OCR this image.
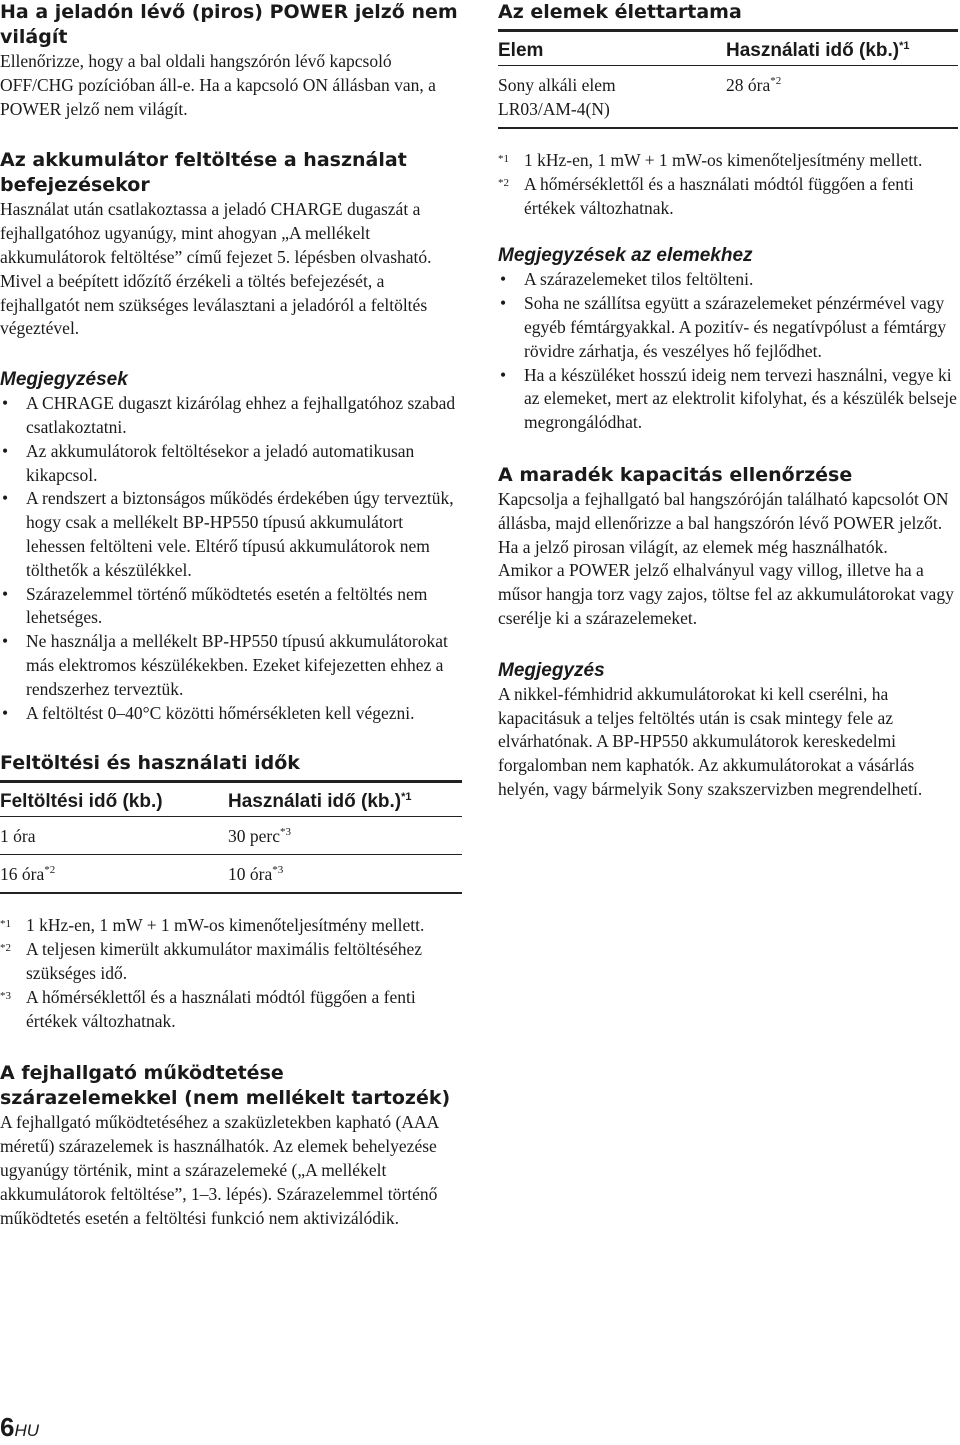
Ha a jeladón lévő (piros) POWER jelző nem világít

Ellenőrizze, hogy a bal oldali hangszórón lévő kapcsoló OFF/CHG pozícióban áll-e. Ha a kapcsoló ON állásban van, a POWER jelző nem világít.

Az akkumulátor feltöltése a használat befejezésekor

Használat után csatlakoztassa a jeladó CHARGE dugaszát a fejhallgatóhoz ugyanúgy, mint ahogyan „A mellékelt akkumulátorok feltöltése” című fejezet 5. lépésben olvasható. Mivel a beépített időzítő érzékeli a töltés befejezését, a fejhallgatót nem szükséges leválasztani a jeladóról a feltöltés végeztével.

Megjegyzések
• A CHRAGE dugaszt kizárólag ehhez a fejhallgatóhoz szabad csatlakoztatni.
• Az akkumulátorok feltöltésekor a jeladó automatikusan kikapcsol.
• A rendszert a biztonságos működés érdekében úgy terveztük, hogy csak a mellékelt BP-HP550 típusú akkumulátort lehessen feltölteni vele. Eltérő típusú akkumulátorok nem tölthetők a készülékkel.
• Szárazelemmel történő működtetés esetén a feltöltés nem lehetséges.
• Ne használja a mellékelt BP-HP550 típusú akkumulátorokat más elektromos készülékekben. Ezeket kifejezetten ehhez a rendszerhez terveztük.
• A feltöltést 0–40°C közötti hőmérsékleten kell végezni.
Feltöltési és használati idők
Feltöltési idő (kb.)	Használati idő $(kb.)^{*1}$
1 óra	30 perc$^{*3}$
16 óra$^{*2}$	10 óra$^{*3}$
*1 1 kHz-en, 1 mW + 1 mW-os kimenőteljesítmény mellett.
*2 A teljesen kimerült akkumulátor maximális feltöltéséhez szükséges idő.
*3 A hőmérséklettől és a használati módtól függően a fenti értékek változhatnak.
A fejhallgató működtetése szárazelemekkel (nem mellékelt tartozék)

A fejhallgató működtetéséhez a szaküzletekben kapható (AAA méretű) szárazelemek is használhatók. Az elemek behelyezése ugyanúgy történik, mint a szárazelemeké („A mellékelt akkumulátorok feltöltése”, 1–3. lépés). Szárazelemmel történő működtetés esetén a feltöltési funkció nem aktivizálódik.

Az elemek élettartama
Elem	Használati idő $(kb.)^{*1}$
Sony alkáli elem
LR03/AM-4(N)	28 óra$^{*2}$
*1 1 kHz-en, 1 mW + 1 mW-os kimenőteljesítmény mellett.
*2 A hőmérséklettől és a használati módtól függően a fenti értékek változhatnak.
Megjegyzések az elemekhez
• A szárazelemeket tilos feltölteni.
• Soha ne szállítsa együtt a szárazelemeket pénzérmével vagy egyéb fémtárgyakkal. A pozitív- és negatívpólust a fémtárgy rövidre zárhatja, és veszélyes hő fejlődhet.
• Ha a készüléket hosszú ideig nem tervezi használni, vegye ki az elemeket, mert az elektrolit kifolyhat, és a készülék belseje megrongálódhat.
A maradék kapacitás ellenőrzése

Kapcsolja a fejhallgató bal hangszóróján található kapcsolót ON állásba, majd ellenőrizze a bal hangszórón lévő POWER jelzőt. Ha a jelző pirosan világít, az elemek még használhatók.

Amikor a POWER jelző elhalványul vagy villog, illetve ha a műsor hangja torz vagy zajos, töltse fel az akkumulátorokat vagy cserélje ki a szárazelemeket.

Megjegyzés

A nikkel-fémhidrid akkumulátorokat ki kell cserélni, ha kapacitásuk a teljes feltöltés után is csak mintegy fele az elvárhatónak. A BP-HP550 akkumulátorok kereskedelmi forgalomban nem kaphatók. Az akkumulátorokat a vásárlás helyén, vagy bármelyik Sony szakszervizben megrendelhetí.

6HU
